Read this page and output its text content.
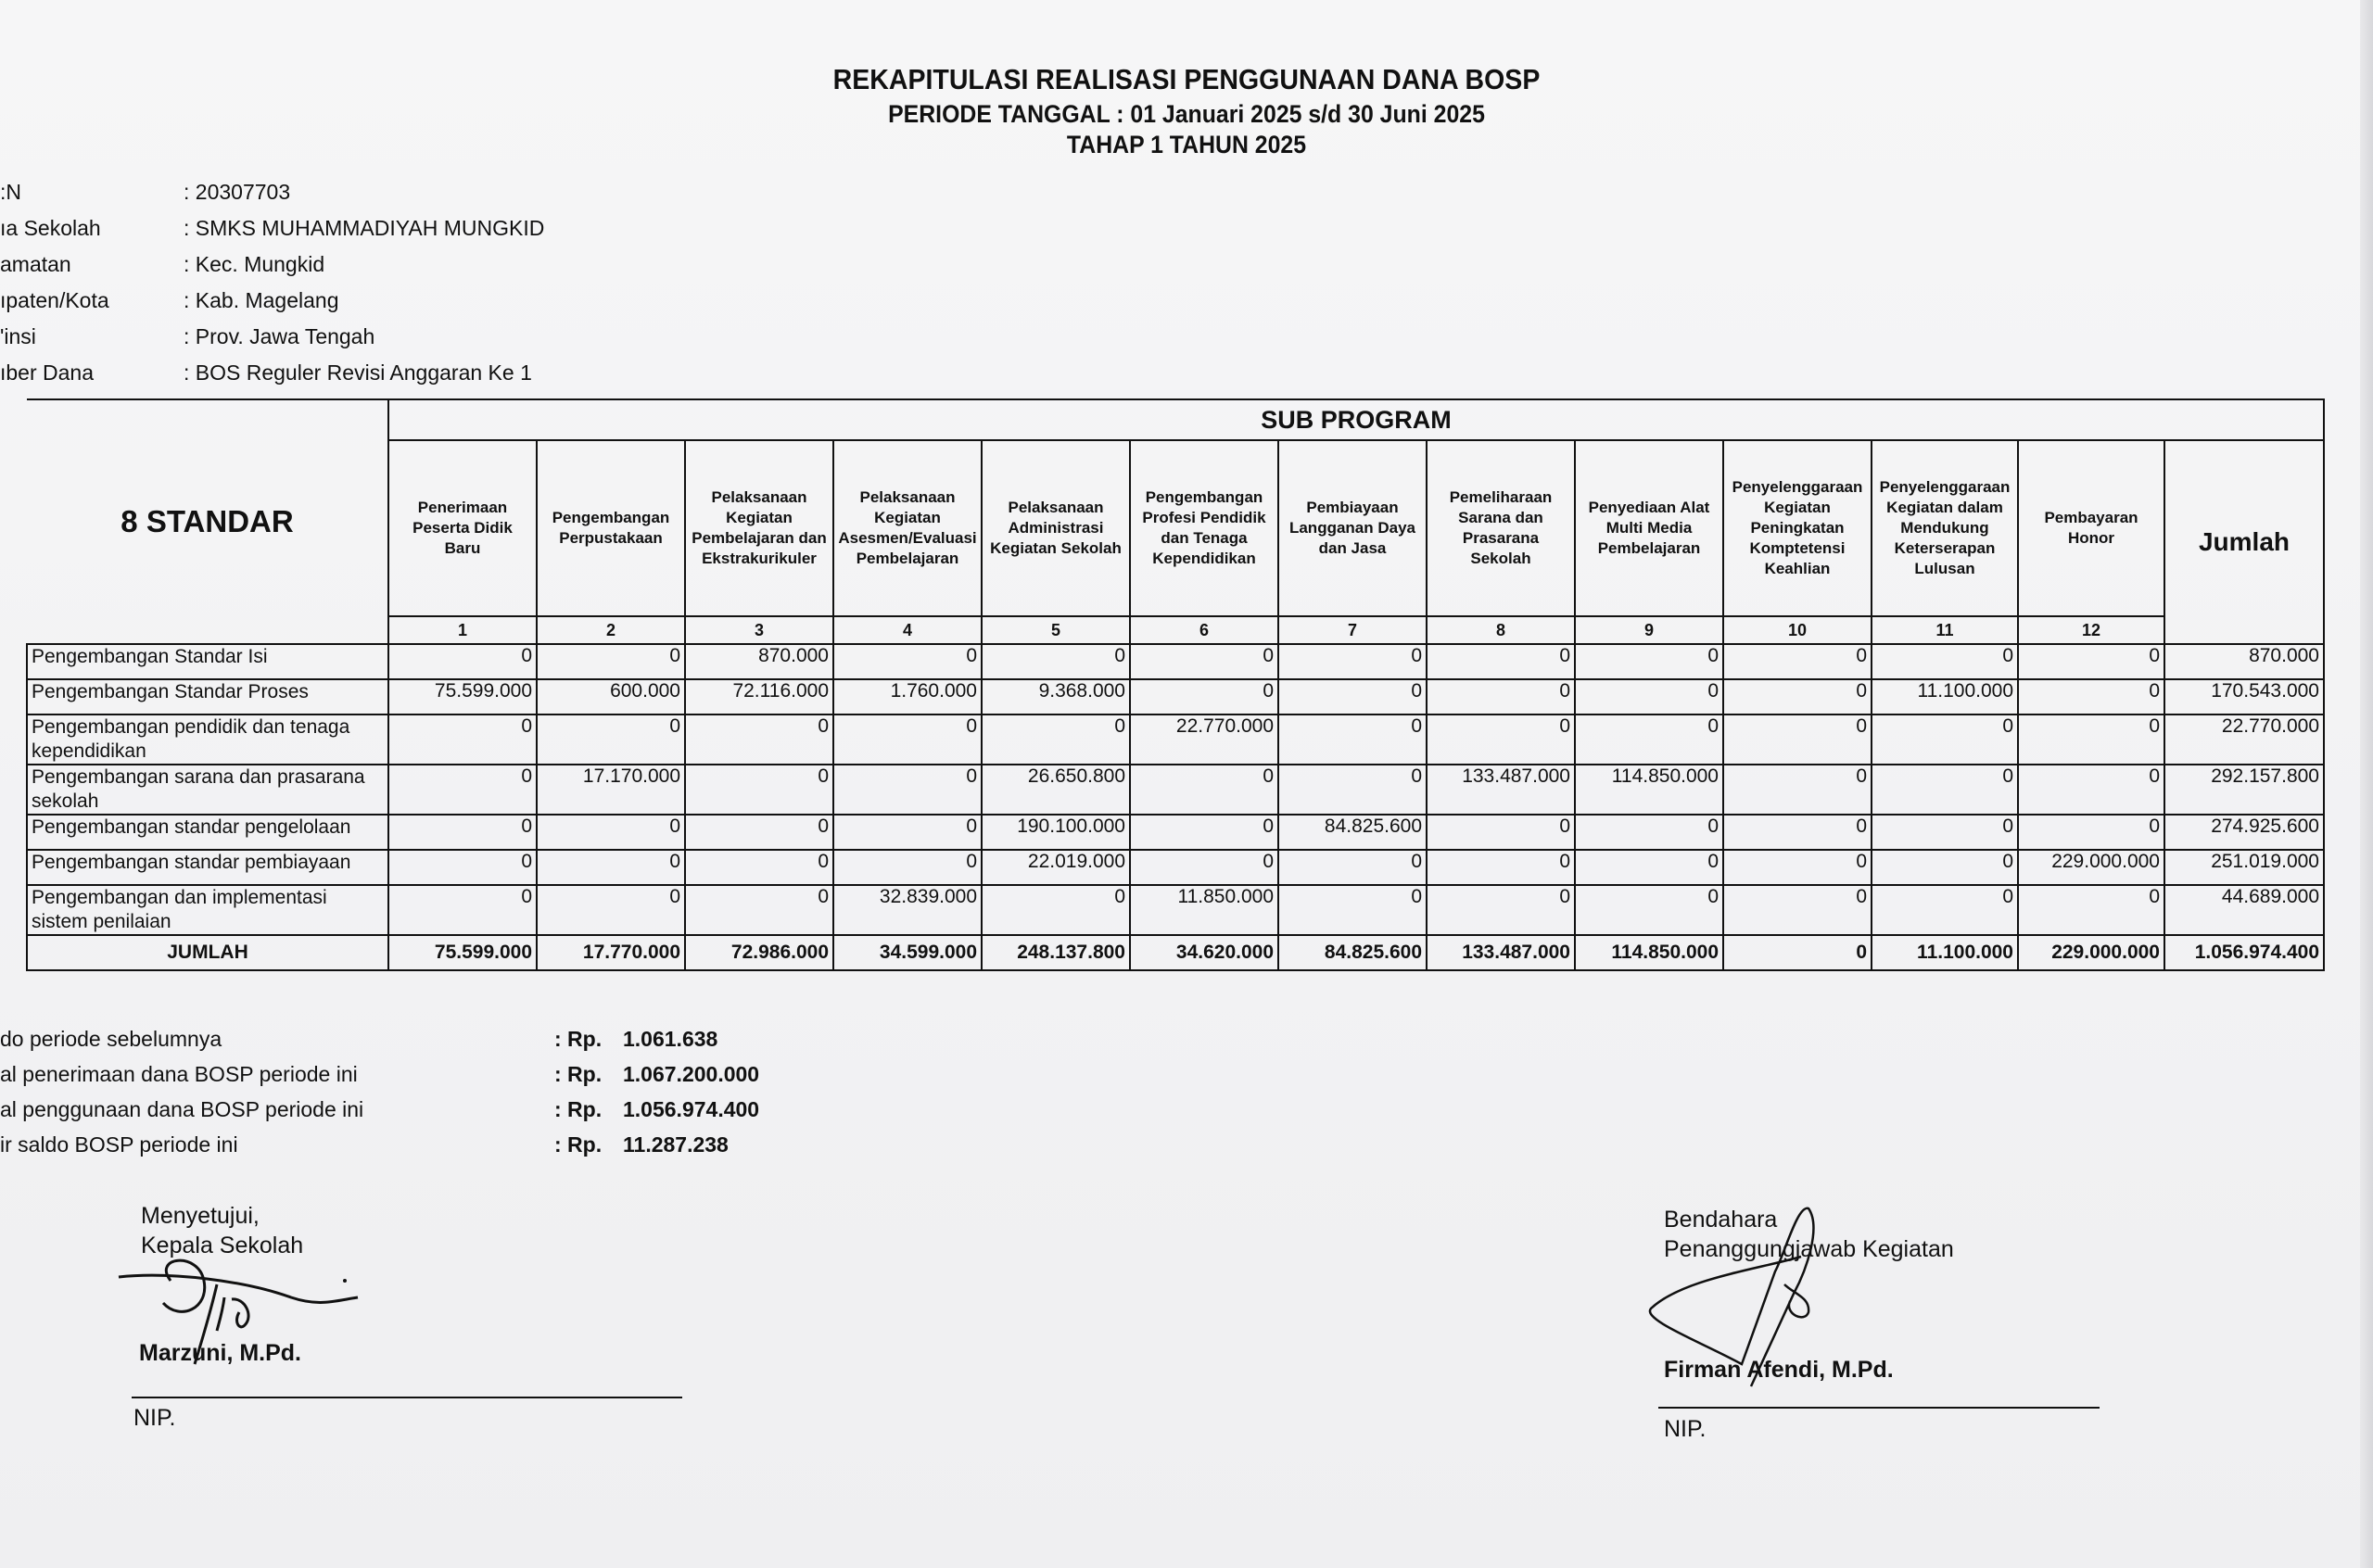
REKAPITULASI REALISASI PENGGUNAAN DANA BOSP
PERIODE TANGGAL : 01 Januari 2025 s/d 30 Juni 2025
TAHAP 1 TAHUN 2025
:N	: 20307703
ıa Sekolah	: SMKS MUHAMMADIYAH MUNGKID
amatan	: Kec. Mungkid
ıpaten/Kota	: Kab. Magelang
'insi	: Prov. Jawa Tengah
ıber Dana	: BOS Reguler Revisi Anggaran Ke 1
8 STANDAR	SUB PROGRAM												
	Penerimaan Peserta Didik Baru	Pengembangan Perpustakaan	Pelaksanaan Kegiatan Pembelajaran dan Ekstrakurikuler	Pelaksanaan Kegiatan Asesmen/Evaluasi Pembelajaran	Pelaksanaan Administrasi Kegiatan Sekolah	Pengembangan Profesi Pendidik dan Tenaga Kependidikan	Pembiayaan Langganan Daya dan Jasa	Pemeliharaan Sarana dan Prasarana Sekolah	Penyediaan Alat Multi Media Pembelajaran	Penyelenggaraan Kegiatan Peningkatan Komptetensi Keahlian	Penyelenggaraan Kegiatan dalam Mendukung Keterserapan Lulusan	Pembayaran Honor	Jumlah
	1	2	3	4	5	6	7	8	9	10	11	12	
Pengembangan Standar Isi	0	0	870.000	0	0	0	0	0	0	0	0	0	870.000
Pengembangan Standar Proses	75.599.000	600.000	72.116.000	1.760.000	9.368.000	0	0	0	0	0	11.100.000	0	170.543.000
Pengembangan pendidik dan tenaga kependidikan	0	0	0	0	0	22.770.000	0	0	0	0	0	0	22.770.000
Pengembangan sarana dan prasarana sekolah	0	17.170.000	0	0	26.650.800	0	0	133.487.000	114.850.000	0	0	0	292.157.800
Pengembangan standar pengelolaan	0	0	0	0	190.100.000	0	84.825.600	0	0	0	0	0	274.925.600
Pengembangan standar pembiayaan	0	0	0	0	22.019.000	0	0	0	0	0	0	229.000.000	251.019.000
Pengembangan dan implementasi sistem penilaian	0	0	0	32.839.000	0	11.850.000	0	0	0	0	0	0	44.689.000
JUMLAH	75.599.000	17.770.000	72.986.000	34.599.000	248.137.800	34.620.000	84.825.600	133.487.000	114.850.000	0	11.100.000	229.000.000	1.056.974.400
do periode sebelumnya	: Rp. 1.061.638
al penerimaan dana BOSP periode ini	: Rp. 1.067.200.000
al penggunaan dana BOSP periode ini	: Rp. 1.056.974.400
ir saldo BOSP periode ini	: Rp. 11.287.238
Menyetujui,
Kepala Sekolah
Marzuni, M.Pd.
NIP.
Bendahara
Penanggungjawab Kegiatan
Firman Afendi, M.Pd.
NIP.
